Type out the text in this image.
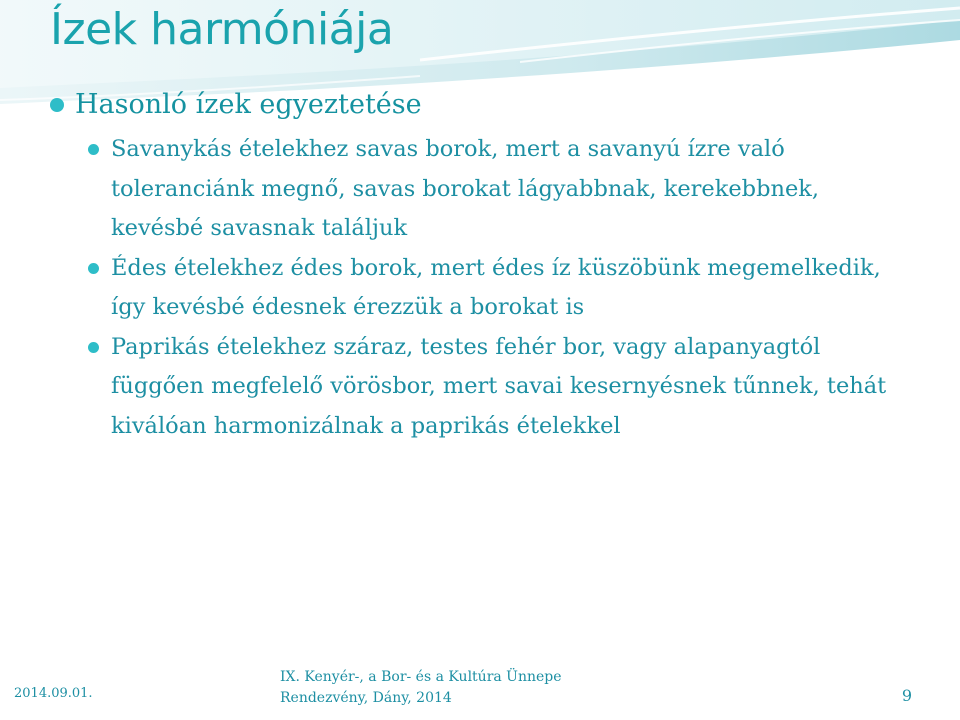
Ízek harmóniája
Hasonló ízek egyeztetése
Savanykás ételekhez savas borok, mert a savanyú ízre való toleranciánk megnő, savas borokat lágyabbnak, kerekebbnek, kevésbé savasnak találjuk
Édes ételekhez édes borok, mert édes íz küszöbünk megemelkedik, így kevésbé édesnek érezzük a borokat is
Paprikás ételekhez száraz, testes fehér bor, vagy alapanyagtól függően megfelelő vörösbor, mert savai kesernyésnek tűnnek, tehát kiválóan harmonizálnak a paprikás ételekkel
2014.09.01.
IX. Kenyér-, a Bor- és a Kultúra Ünnepe
Rendezvény, Dány, 2014	9
